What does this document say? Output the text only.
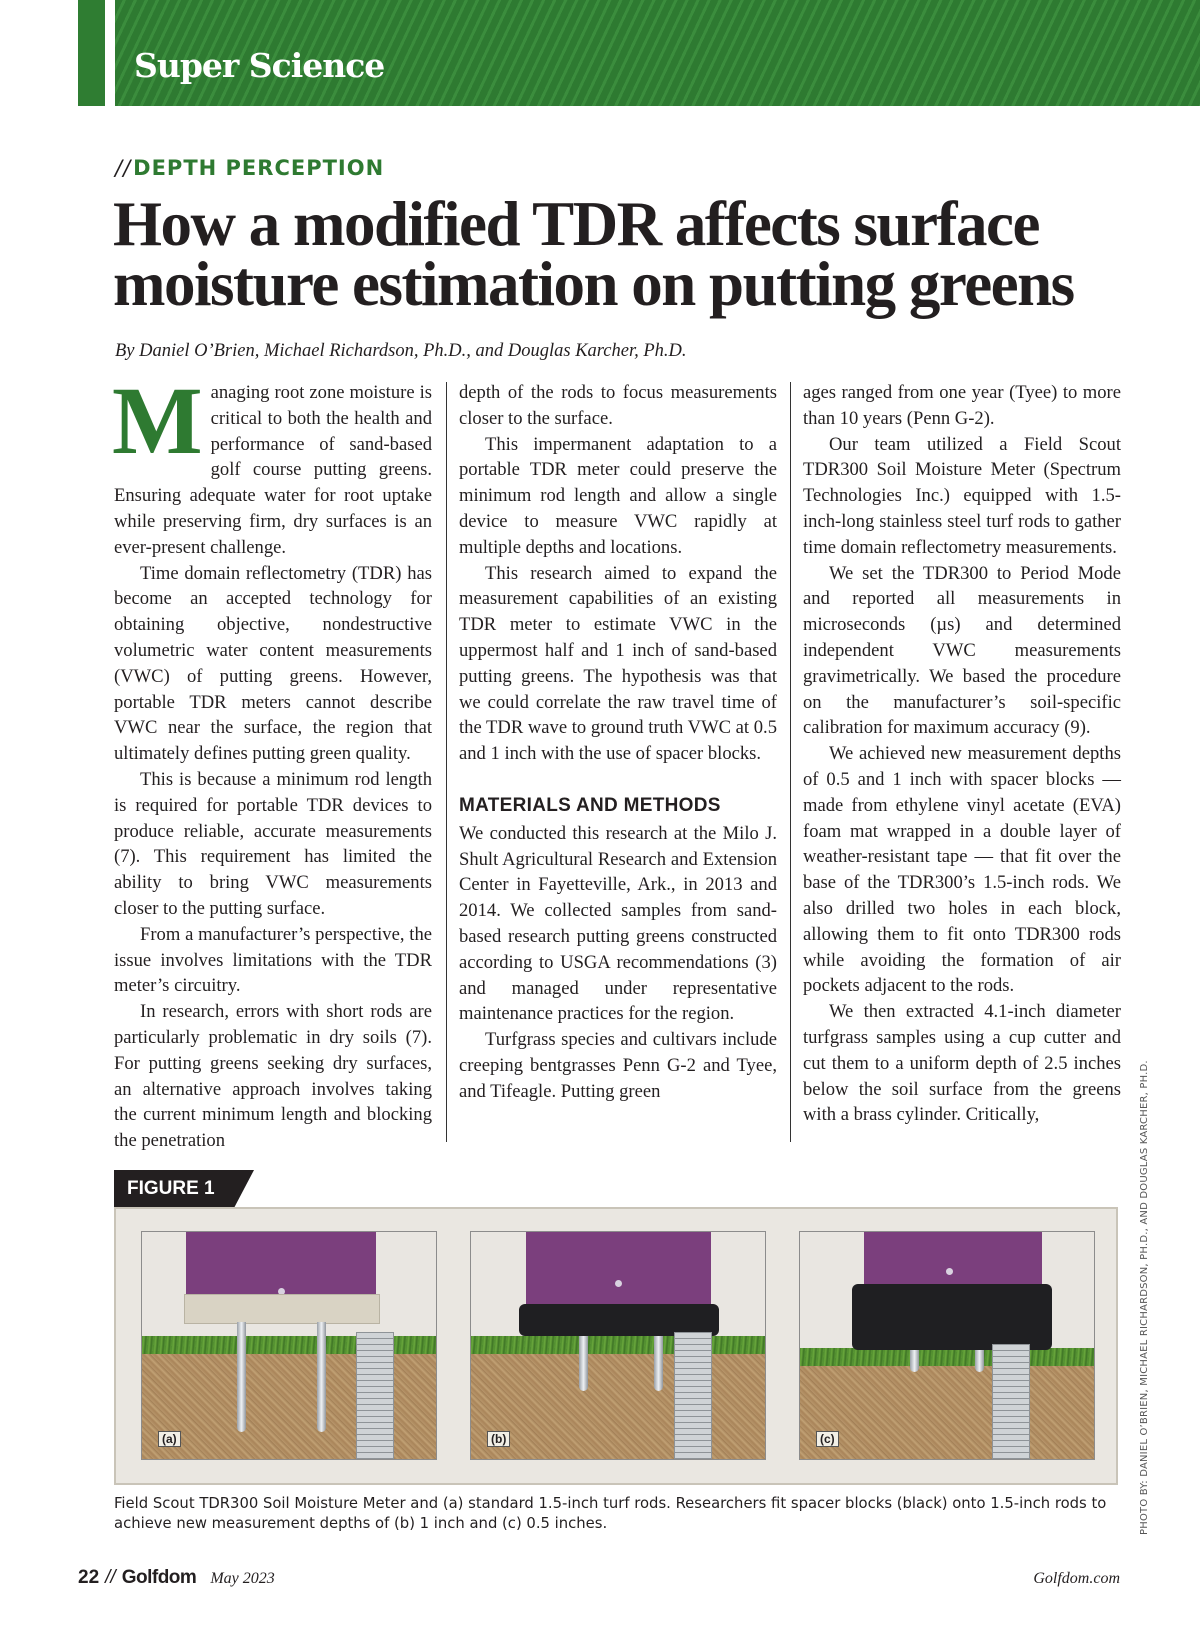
Super Science
//DEPTH PERCEPTION
How a modified TDR affects surface moisture estimation on putting greens
By Daniel O’Brien, Michael Richardson, Ph.D., and Douglas Karcher, Ph.D.

Managing root zone moisture is critical to both the health and performance of sand-based golf course putting greens. Ensuring adequate water for root uptake while preserving firm, dry surfaces is an ever-present challenge.

Time domain reflectometry (TDR) has become an accepted technology for obtaining objective, nondestructive volumetric water content measurements (VWC) of putting greens. However, portable TDR meters cannot describe VWC near the surface, the region that ultimately defines putting green quality.

This is because a minimum rod length is required for portable TDR devices to produce reliable, accurate measurements (7). This requirement has limited the ability to bring VWC measurements closer to the putting surface.

From a manufacturer’s perspective, the issue involves limitations with the TDR meter’s circuitry.

In research, errors with short rods are particularly problematic in dry soils (7). For putting greens seeking dry surfaces, an alternative approach involves taking the current minimum length and blocking the penetration

depth of the rods to focus measurements closer to the surface.

This impermanent adaptation to a portable TDR meter could preserve the minimum rod length and allow a single device to measure VWC rapidly at multiple depths and locations.

This research aimed to expand the measurement capabilities of an existing TDR meter to estimate VWC in the uppermost half and 1 inch of sand-based putting greens. The hypothesis was that we could correlate the raw travel time of the TDR wave to ground truth VWC at 0.5 and 1 inch with the use of spacer blocks.

MATERIALS AND METHODS

We conducted this research at the Milo J. Shult Agricultural Research and Extension Center in Fayetteville, Ark., in 2013 and 2014. We collected samples from sand-based research putting greens constructed according to USGA recommendations (3) and managed under representative maintenance practices for the region.

Turfgrass species and cultivars include creeping bentgrasses Penn G-2 and Tyee, and Tifeagle. Putting green

ages ranged from one year (Tyee) to more than 10 years (Penn G-2).

Our team utilized a Field Scout TDR300 Soil Moisture Meter (Spectrum Technologies Inc.) equipped with 1.5-inch-long stainless steel turf rods to gather time domain reflectometry measurements.

We set the TDR300 to Period Mode and reported all measurements in microseconds (µs) and determined independent VWC measurements gravimetrically. We based the procedure on the manufacturer’s soil-specific calibration for maximum accuracy (9).

We achieved new measurement depths of 0.5 and 1 inch with spacer blocks — made from ethylene vinyl acetate (EVA) foam mat wrapped in a double layer of weather-resistant tape — that fit over the base of the TDR300’s 1.5-inch rods. We also drilled two holes in each block, allowing them to fit onto TDR300 rods while avoiding the formation of air pockets adjacent to the rods.

We then extracted 4.1-inch diameter turfgrass samples using a cup cutter and cut them to a uniform depth of 2.5 inches below the soil surface from the greens with a brass cylinder. Critically,

FIGURE 1
(a)	(b)	(c)
Field Scout TDR300 Soil Moisture Meter and (a) standard 1.5-inch turf rods. Researchers fit spacer blocks (black) onto 1.5-inch rods to achieve new measurement depths of (b) 1 inch and (c) 0.5 inches.	PHOTO BY: DANIEL O’BRIEN, MICHAEL RICHARDSON, PH.D., AND DOUGLAS KARCHER, PH.D.
22 // Golfdom May 2023	Golfdom.com
